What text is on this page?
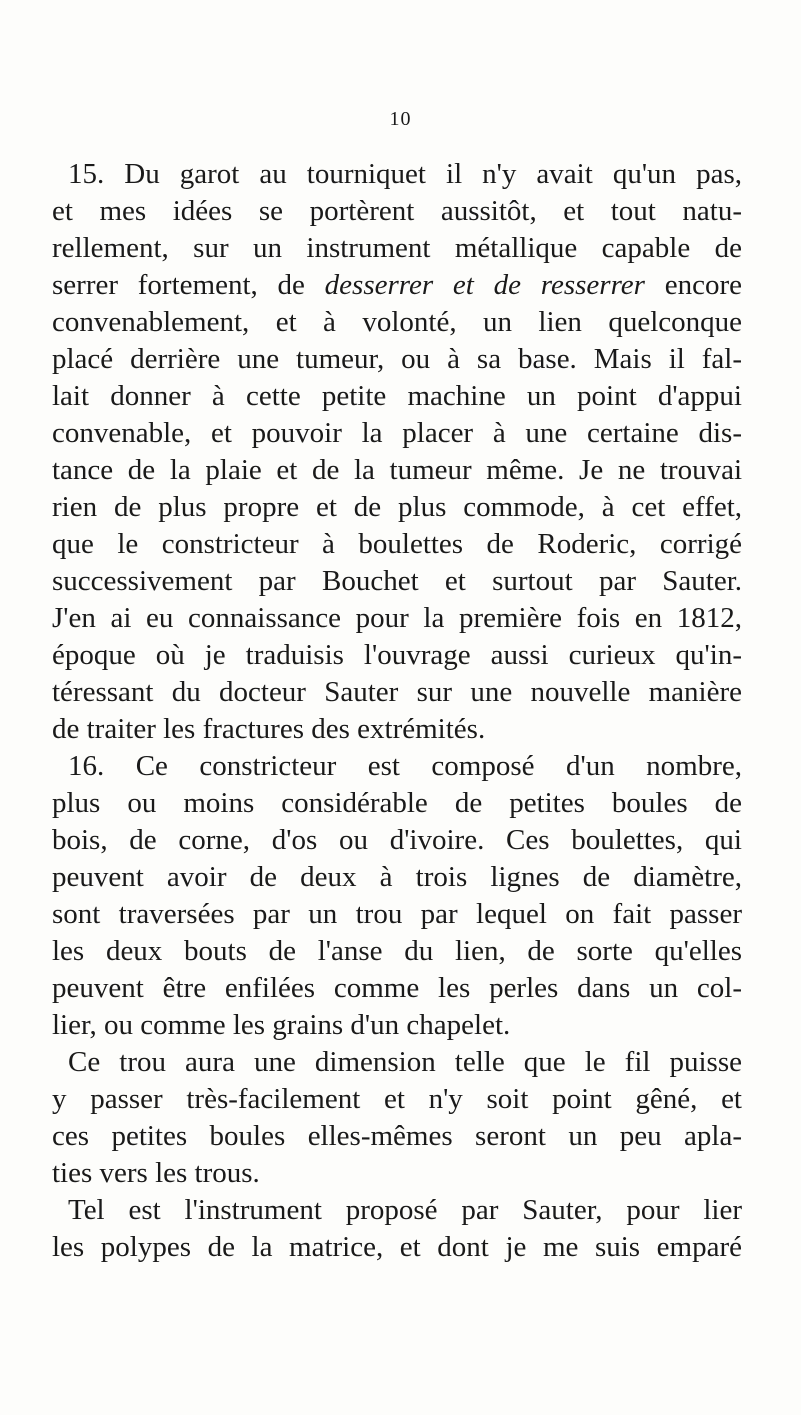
10
15. Du garot au tourniquet il n'y avait qu'un pas,
et mes idées se portèrent aussitôt, et tout natu-
rellement, sur un instrument métallique capable de
serrer fortement, de desserrer et de resserrer encore
convenablement, et à volonté, un lien quelconque
placé derrière une tumeur, ou à sa base. Mais il fal-
lait donner à cette petite machine un point d'appui
convenable, et pouvoir la placer à une certaine dis-
tance de la plaie et de la tumeur même. Je ne trouvai
rien de plus propre et de plus commode, à cet effet,
que le constricteur à boulettes de Roderic, corrigé
successivement par Bouchet et surtout par Sauter.
J'en ai eu connaissance pour la première fois en 1812,
époque où je traduisis l'ouvrage aussi curieux qu'in-
téressant du docteur Sauter sur une nouvelle manière
de traiter les fractures des extrémités.
16. Ce constricteur est composé d'un nombre,
plus ou moins considérable de petites boules de
bois, de corne, d'os ou d'ivoire. Ces boulettes, qui
peuvent avoir de deux à trois lignes de diamètre,
sont traversées par un trou par lequel on fait passer
les deux bouts de l'anse du lien, de sorte qu'elles
peuvent être enfilées comme les perles dans un col-
lier, ou comme les grains d'un chapelet.
Ce trou aura une dimension telle que le fil puisse
y passer très-facilement et n'y soit point gêné, et
ces petites boules elles-mêmes seront un peu apla-
ties vers les trous.
Tel est l'instrument proposé par Sauter, pour lier
les polypes de la matrice, et dont je me suis emparé
